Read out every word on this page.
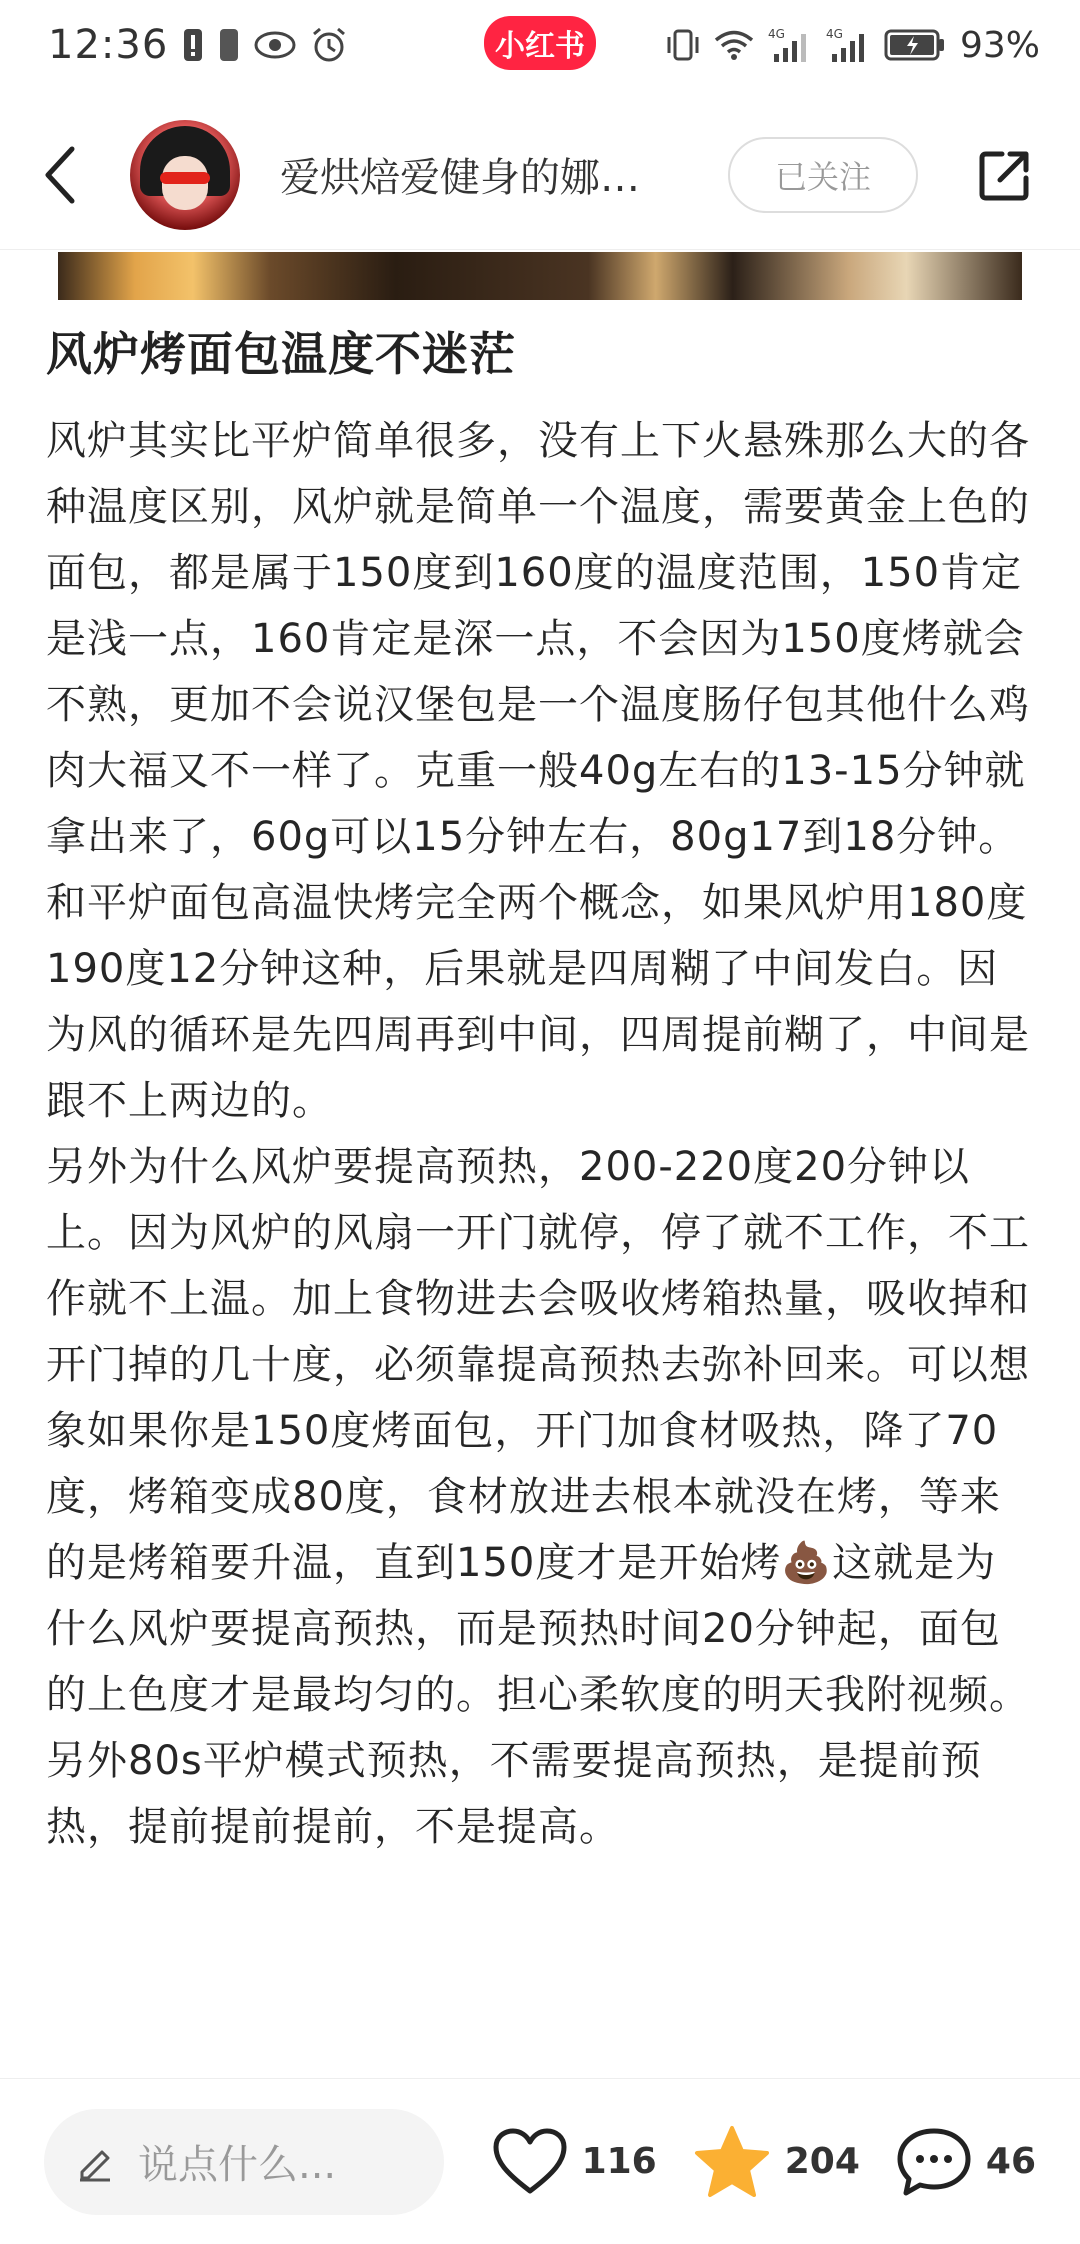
12:36	小红书	4G	4G	93%
爱烘焙爱健身的娜…	已关注
风炉烤面包温度不迷茫

风炉其实比平炉简单很多，没有上下火悬殊那么大的各种温度区别，风炉就是简单一个温度，需要黄金上色的面包，都是属于150度到160度的温度范围，150肯定是浅一点，160肯定是深一点，不会因为150度烤就会不熟，更加不会说汉堡包是一个温度肠仔包其他什么鸡肉大福又不一样了。克重一般40g左右的13-15分钟就拿出来了，60g可以15分钟左右，80g17到18分钟。和平炉面包高温快烤完全两个概念，如果风炉用180度190度12分钟这种，后果就是四周糊了中间发白。因为风的循环是先四周再到中间，四周提前糊了，中间是跟不上两边的。

另外为什么风炉要提高预热，200-220度20分钟以上。因为风炉的风扇一开门就停，停了就不工作，不工作就不上温。加上食物进去会吸收烤箱热量，吸收掉和开门掉的几十度，必须靠提高预热去弥补回来。可以想象如果你是150度烤面包，开门加食材吸热，降了70度，烤箱变成80度，食材放进去根本就没在烤，等来的是烤箱要升温，直到150度才是开始烤💩这就是为什么风炉要提高预热，而是预热时间20分钟起，面包的上色度才是最均匀的。担心柔软度的明天我附视频。

另外80s平炉模式预热，不需要提高预热，是提前预热，提前提前提前，不是提高。

说点什么...	116	204	46
